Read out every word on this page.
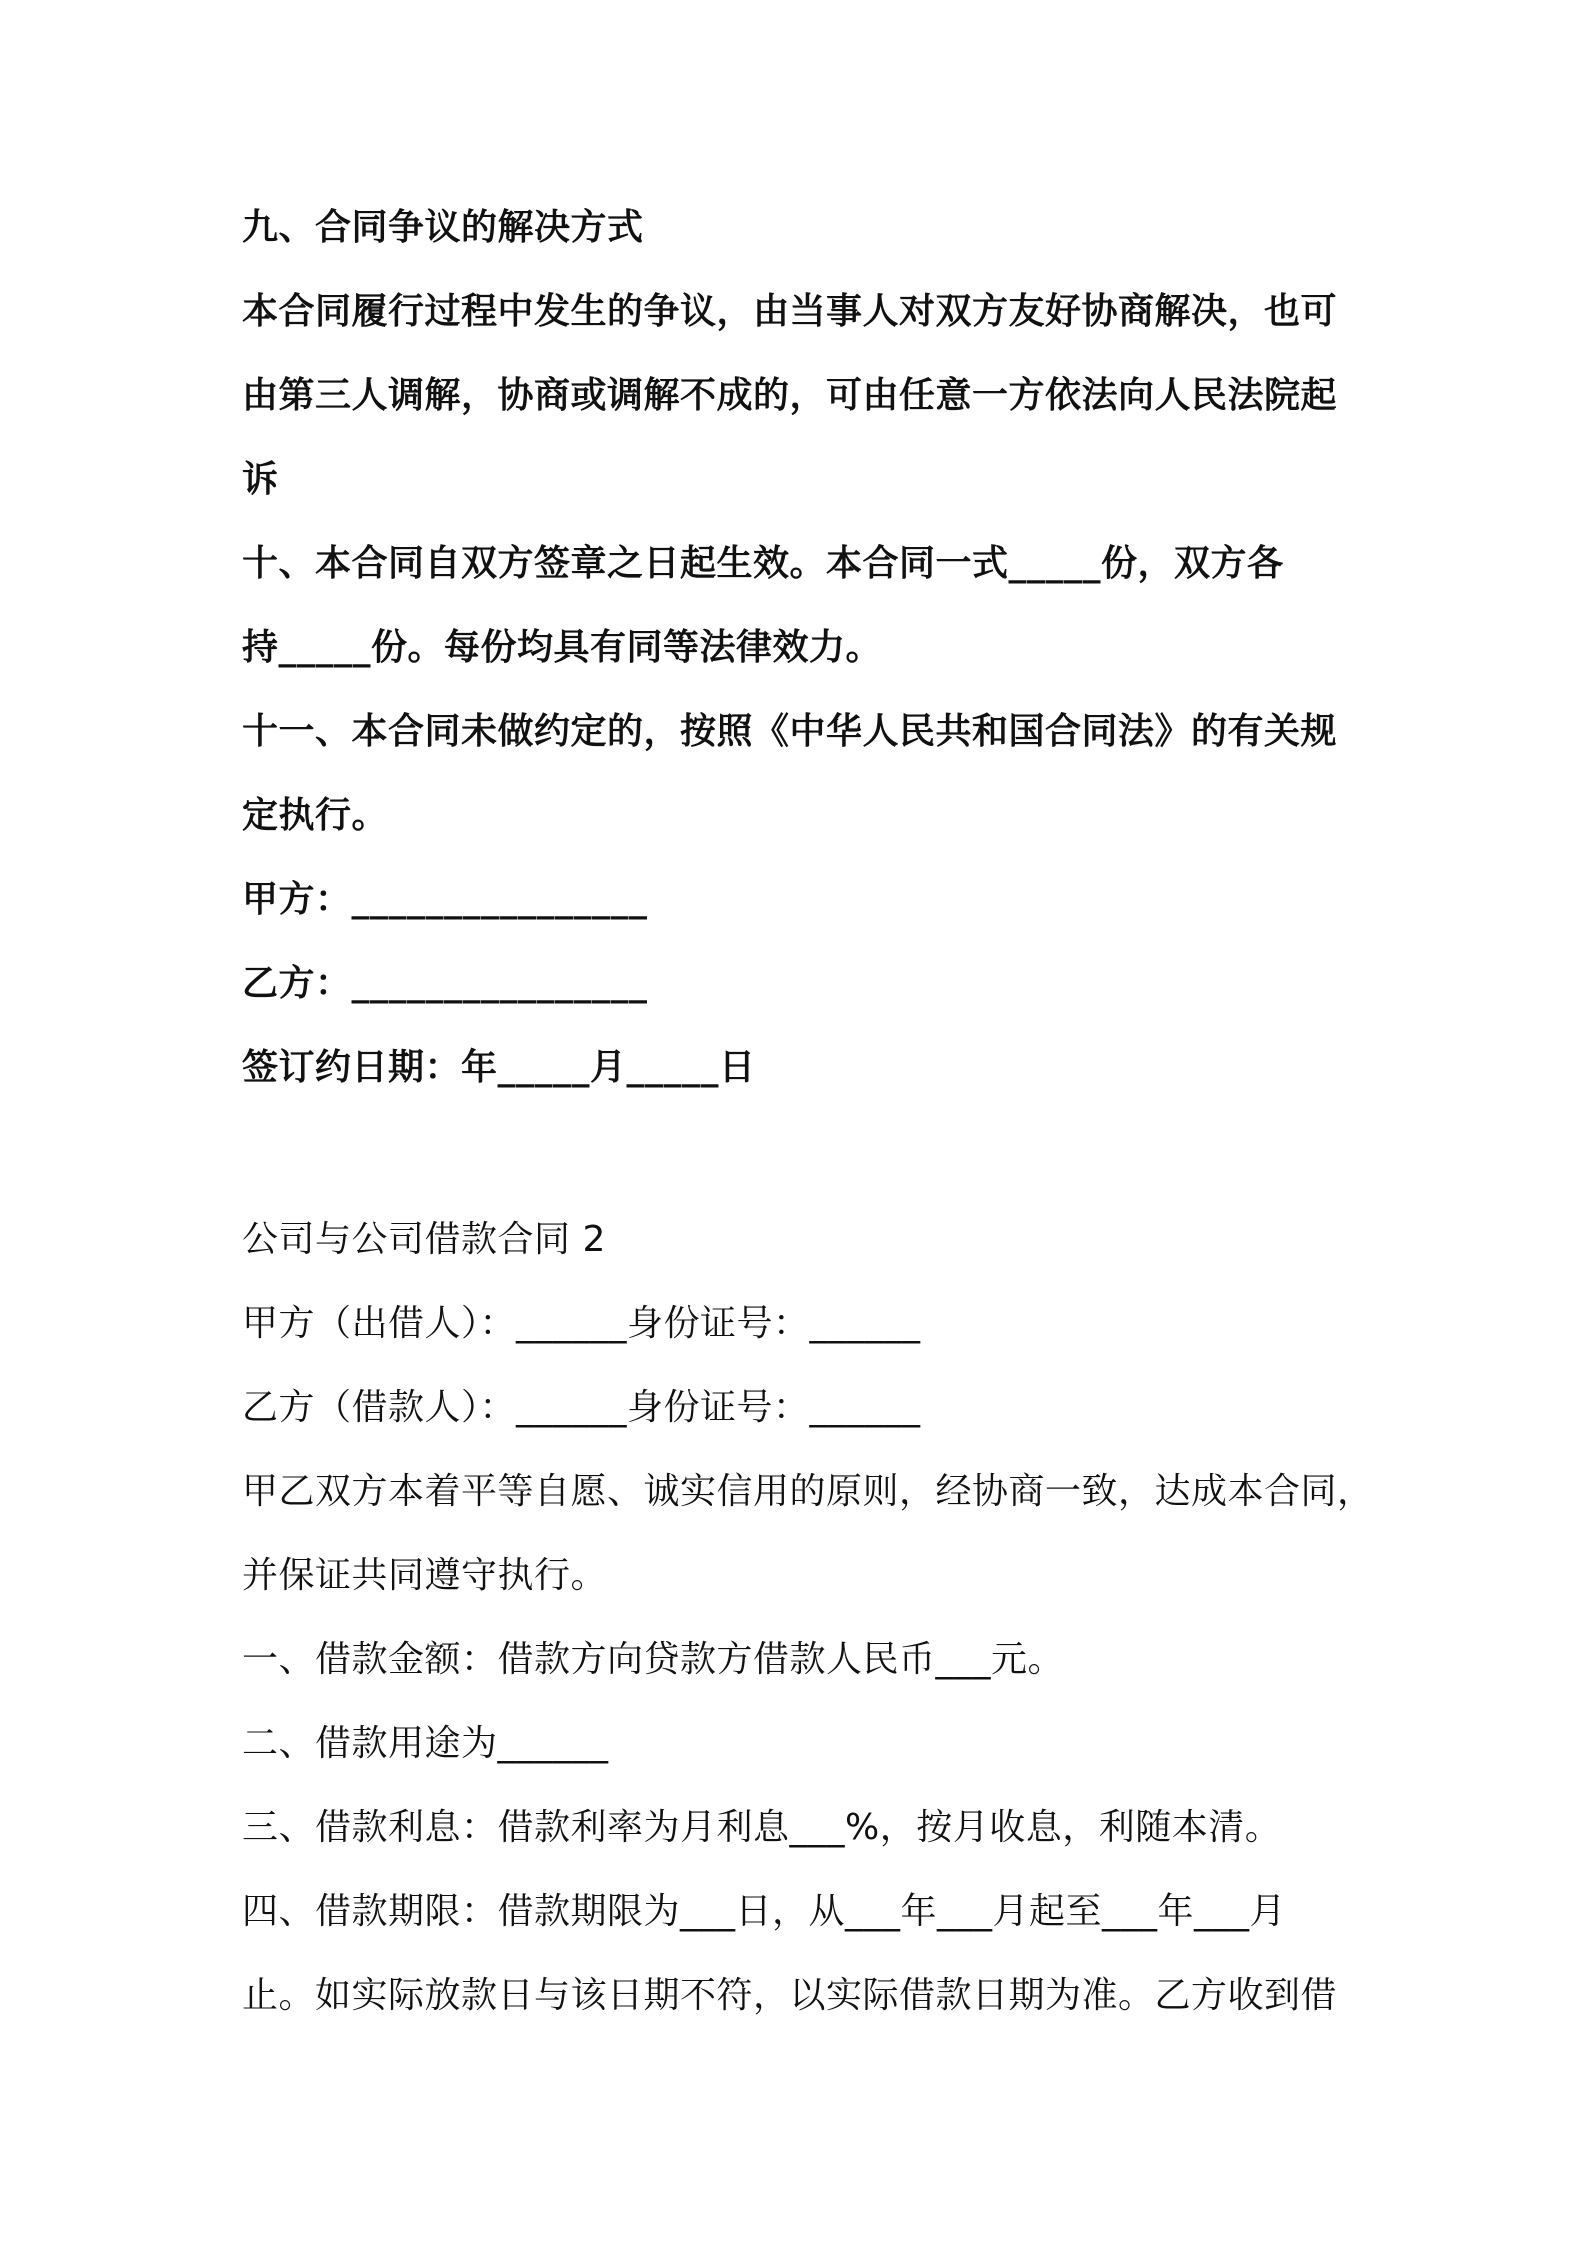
九、合同争议的解决方式
本合同履行过程中发生的争议，由当事人对双方友好协商解决，也可
由第三人调解，协商或调解不成的，可由任意一方依法向人民法院起
诉
十、本合同自双方签章之日起生效。本合同一式_____份，双方各
持_____份。每份均具有同等法律效力。
十一、本合同未做约定的，按照《中华人民共和国合同法》的有关规
定执行。
甲方：________________
乙方：________________
签订约日期：年_____月_____日
公司与公司借款合同 2
甲方（出借人）：______身份证号：______
乙方（借款人）：______身份证号：______
甲乙双方本着平等自愿、诚实信用的原则，经协商一致，达成本合同，
并保证共同遵守执行。
一、借款金额：借款方向贷款方借款人民币___元。
二、借款用途为______
三、借款利息：借款利率为月利息___%，按月收息，利随本清。
四、借款期限：借款期限为___日，从___年___月起至___年___月
止。如实际放款日与该日期不符，以实际借款日期为准。乙方收到借
